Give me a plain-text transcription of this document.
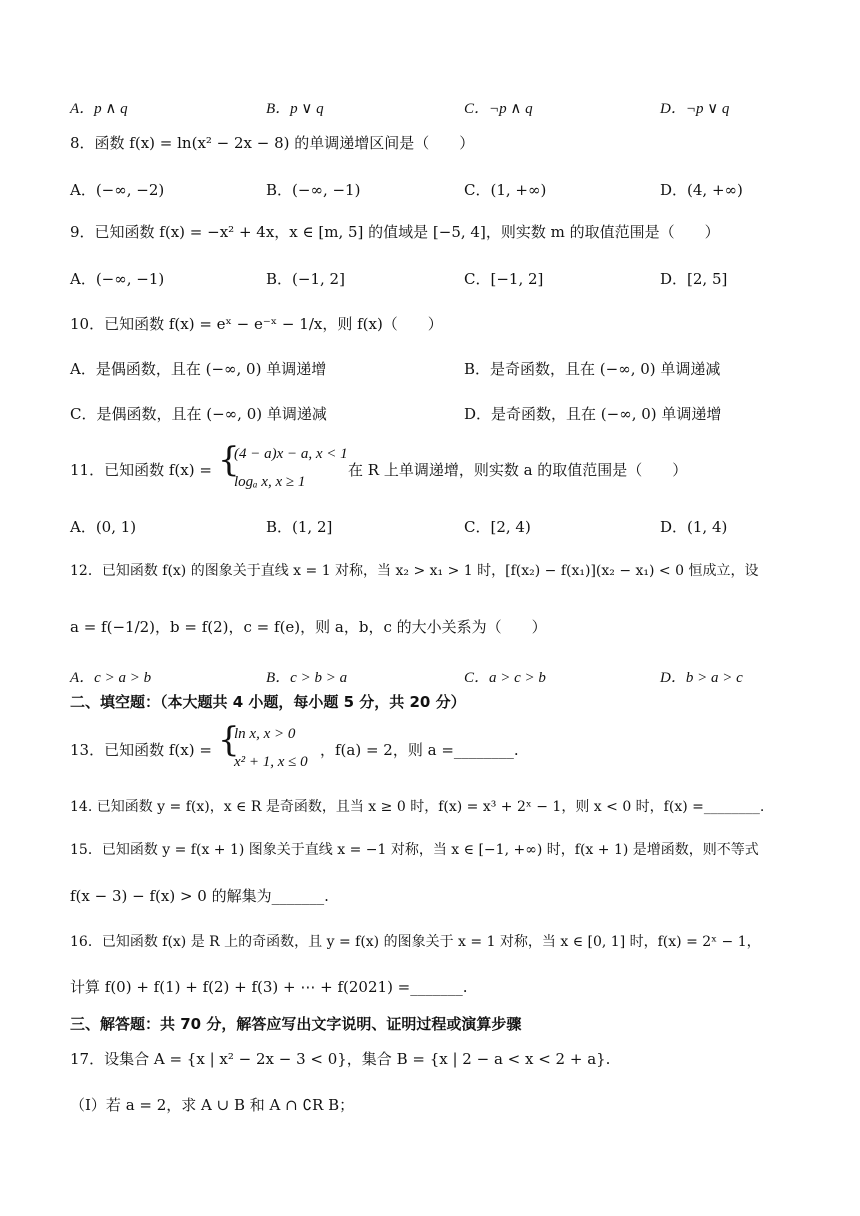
A．p ∧ q	B．p ∨ q	C．¬p ∧ q	D．¬p ∨ q
8．函数 f(x) = ln(x² − 2x − 8) 的单调递增区间是（　　）
A．(−∞, −2)	B．(−∞, −1)	C．(1, +∞)	D．(4, +∞)
9．已知函数 f(x) = −x² + 4x，x ∈ [m, 5] 的值域是 [−5, 4]，则实数 m 的取值范围是（　　）
A．(−∞, −1)	B．(−1, 2]	C．[−1, 2]	D．[2, 5]
10．已知函数 f(x) = eˣ − e⁻ˣ − 1/x，则 f(x)（　　）
A．是偶函数，且在 (−∞, 0) 单调递增	B．是奇函数，且在 (−∞, 0) 单调递减
C．是偶函数，且在 (−∞, 0) 单调递减	D．是奇函数，且在 (−∞, 0) 单调递增
11．已知函数 f(x) = {
(4 − a)x − a, x < 1
logₐ x, x ≥ 1
在 R 上单调递增，则实数 a 的取值范围是（　　）
A．(0, 1)	B．(1, 2]	C．[2, 4)	D．(1, 4)
12．已知函数 f(x) 的图象关于直线 x = 1 对称，当 x₂ > x₁ > 1 时，[f(x₂) − f(x₁)](x₂ − x₁) < 0 恒成立，设
a = f(−1/2)，b = f(2)，c = f(e)，则 a，b，c 的大小关系为（　　）
A．c > a > b	B．c > b > a	C．a > c > b	D．b > a > c
二、填空题：（本大题共 4 小题，每小题 5 分，共 20 分）
13．已知函数 f(x) = {
ln x, x > 0
x² + 1, x ≤ 0
，f(a) = 2，则 a =________.
14. 已知函数 y = f(x)，x ∈ R 是奇函数，且当 x ≥ 0 时，f(x) = x³ + 2ˣ − 1，则 x < 0 时，f(x) =________.
15．已知函数 y = f(x + 1) 图象关于直线 x = −1 对称，当 x ∈ [−1, +∞) 时，f(x + 1) 是增函数，则不等式
f(x − 3) − f(x) > 0 的解集为_______.
16．已知函数 f(x) 是 R 上的奇函数，且 y = f(x) 的图象关于 x = 1 对称，当 x ∈ [0, 1] 时，f(x) = 2ˣ − 1，
计算 f(0) + f(1) + f(2) + f(3) + ⋯ + f(2021) =_______.
三、解答题：共 70 分，解答应写出文字说明、证明过程或演算步骤
17．设集合 A = {x | x² − 2x − 3 < 0}，集合 B = {x | 2 − a < x < 2 + a}.
（Ⅰ）若 a = 2，求 A ∪ B 和 A ∩ ∁R B；
